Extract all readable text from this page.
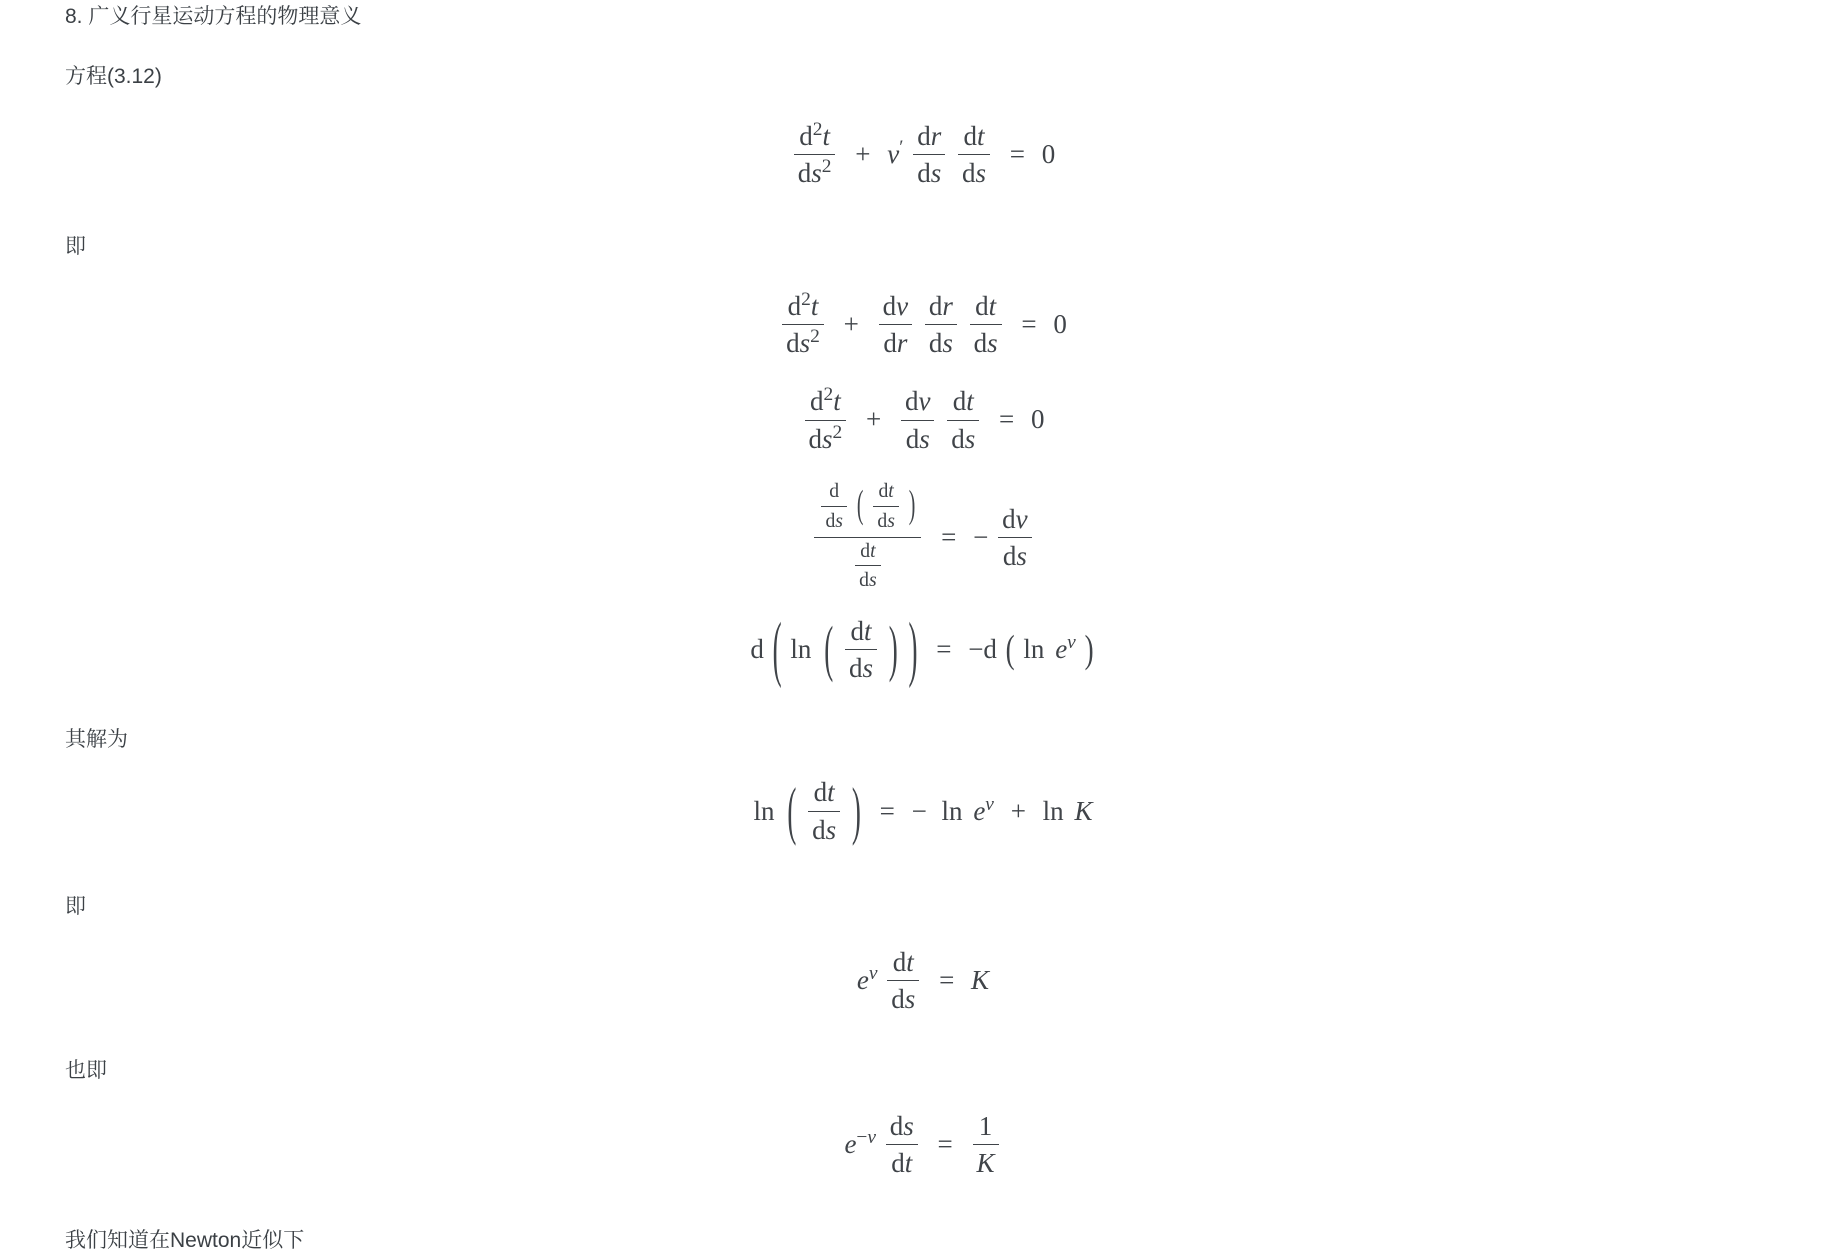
8. 广义行星运动方程的物理意义

方程(3.12)

$\frac{d^2t}{ds^2} + \nu' \frac{dr}{ds}$
$\frac{dt}{ds} = 0$

即

$\frac{d^2t}{ds^2} + \frac{d\nu}{dr}$
$\frac{dr}{ds}$
$\frac{dt}{ds} = 0$
$\frac{d^2t}{ds^2} + \frac{d\nu}{ds}$
$\frac{dt}{ds} = 0$
$\frac{d}{ds}$ ( $\frac{dt}{ds}$ )
$\frac{dt}{ds}$
= − $\frac{d\nu}{ds}$
d ( ln ( $\frac{dt}{ds}$ ) ) = −d ( $\ln e^\nu$ )

其解为

ln ( $\frac{dt}{ds}$ ) = − $\ln e^\nu + \ln K$

即

$e^\nu \frac{dt}{ds} = K$

也即

$e^{-\nu} \frac{ds}{dt} = \frac{1}{K}$

我们知道在Newton近似下
